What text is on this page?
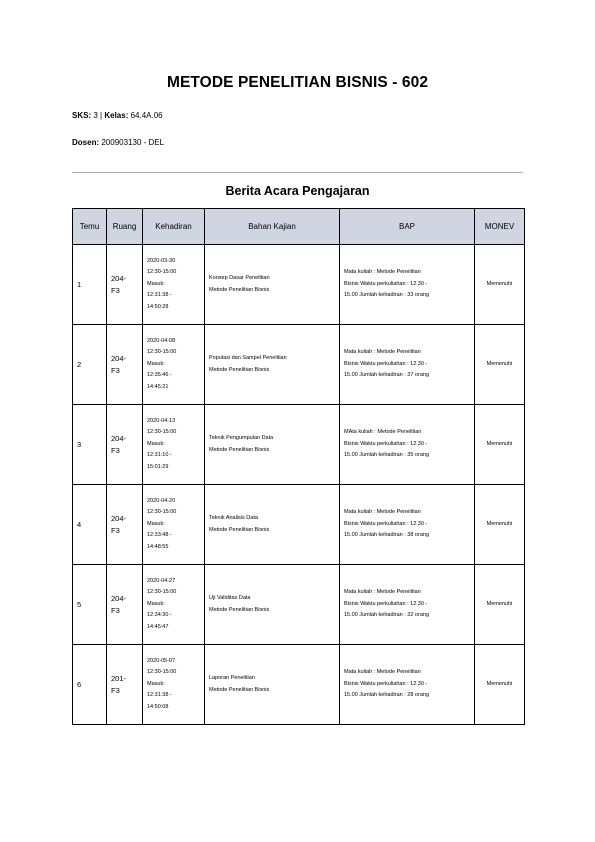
METODE PENELITIAN BISNIS - 602
SKS: 3 | Kelas: 64.4A.06
Dosen: 200903130 - DEL
Berita Acara Pengajaran
Temu	Ruang	Kehadiran	Bahan Kajian	BAP	MONEV
1	204-
F3	2020-03-30
12:30-15:00
Masuk:
12:31:38 -
14:50:28	Konsep Dasar Penelitian
Metode Penelitian Bisnis	Mata kuliah : Metode Penelitian
Bisnis Waktu perkuliahan : 12.30 -
15.00 Jumlah kehadiran : 33 orang	Memenuhi
2	204-
F3	2020-04-08
12:30-15:00
Masuk:
12:35:46 -
14:45:21	Populasi dan Sampel Penelitian
Metode Penelitian Bisnis	Mata kuliah : Metode Penelitian
Bisnis Waktu perkuliahan : 12.30 -
15.00 Jumlah kehadiran : 37 orang	Memenuhi
3	204-
F3	2020-04-13
12:30-15:00
Masuk:
12:31:10 -
15:01:29	Teknik Pengumpulan Data
Metode Penelitian Bisnis	MAta kuliah : Metode Penelitian
Bisnis Waktu perkuliahan : 12.30 -
15.00 Jumlah kehadiran : 35 orang	Memenuhi
4	204-
F3	2020-04-20
12:30-15:00
Masuk:
12:33:48 -
14:48:55	Teknik Analisis Data
Metode Penelitian Bisnis	Mata kuliah : Metode Penelitian
Bisnis Waktu perkuliahan : 12.30 -
15.00 Jumlah kehadiran : 38 orang	Memenuhi
5	204-
F3	2020-04-27
12:30-15:00
Masuk:
12:34:30 -
14:45:47	Uji Validitas Data
Metode Penelitian Bisnis	Mata kuliah : Metode Penelitian
Bisnis Waktu perkuliahan : 12.30 -
15.00 Jumlah kehadiran : 32 orang	Memenuhi
6	201-
F3	2020-05-07
12:30-15:00
Masuk:
12:31:38 -
14:50:08	Laporan Penelitian
Metode Penelitian Bisnis	Mata kuliah : Metode Penelitian
Bisnis Waktu perkuliahan : 12.30 -
15.00 Jumlah kehadiran : 28 orang	Memenuhi
